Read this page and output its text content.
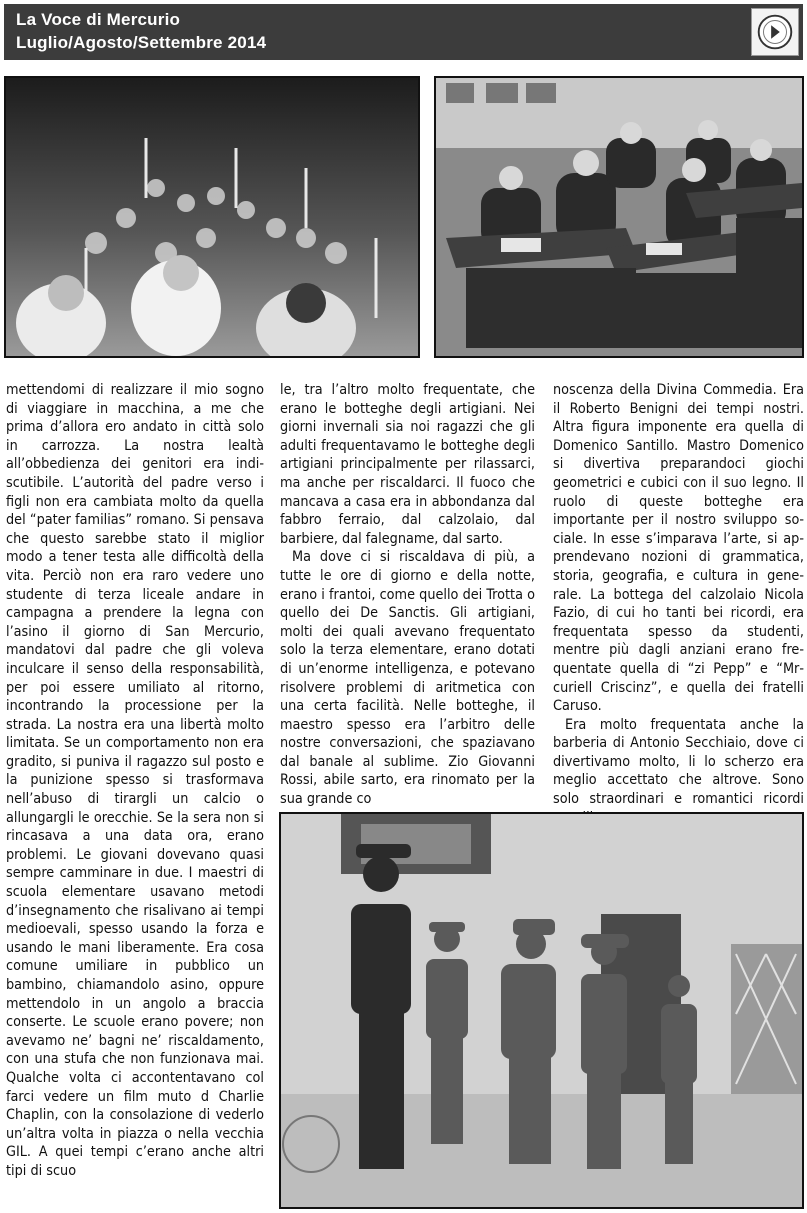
La Voce di Mercurio
Luglio/Agosto/Settembre 2014

mettendomi di realizzare il mio sogno di viaggiare in macchina, a me che prima d’allora ero andato in città solo in carrozza. La nostra lealtà all’obbedienza dei genitori era indiscutibile. L’autorità del padre verso i figli non era cambiata molto da quella del “pater familias” romano. Si pensava che questo sarebbe stato il miglior modo a tener testa alle difficoltà della vita. Perciò non era raro vedere uno studente di terza liceale andare in campagna a prendere la legna con l’asino il giorno di San Mercurio, mandatovi dal padre che gli voleva inculcare il senso della responsabilità, per poi essere umiliato al ritorno, incontrando la processione per la strada. La nostra era una libertà molto limitata. Se un comportamento non era gradito, si puniva il ragazzo sul posto e la punizione spesso si trasformava nell’abuso di tirargli un calcio o allungargli le orecchie. Se la sera non si rincasava a una data ora, erano problemi. Le giovani dovevano quasi sempre camminare in due. I maestri di scuola elementare usavano metodi d’insegnamento che risalivano ai tempi medioevali, spesso usando la forza e usando le mani liberamente. Era cosa comune umiliare in pubblico un bambino, chiamandolo asino, oppure mettendolo in un angolo a braccia conserte. Le scuole erano povere; non avevamo ne’ bagni ne’ riscaldamento, con una stufa che non funzionava mai. Qualche volta ci accontentavano col farci vedere un film muto d Charlie Chaplin, con la consolazione di vederlo un’altra volta in piazza o nella vecchia GIL. A quei tempi c’erano anche altri tipi di scuo

le, tra l’altro molto frequentate, che erano le botteghe degli artigiani. Nei giorni invernali sia noi ragazzi che gli adulti frequentavamo le botteghe degli artigiani principalmente per rilassarci, ma anche per riscaldarci. Il fuoco che mancava a casa era in abbondanza dal fabbro ferraio, dal calzolaio, dal barbiere, dal falegname, dal sarto.

Ma dove ci si riscaldava di più, a tutte le ore di giorno e della notte, erano i frantoi, come quello dei Trotta o quello dei De Sanctis. Gli artigiani, molti dei quali avevano frequentato solo la terza elementare, erano dotati di un’enorme intelligenza, e potevano risolvere problemi di aritmetica con una certa facilità. Nelle botteghe, il maestro spesso era l’arbitro delle nostre conversazioni, che spaziavano dal banale al sublime. Zio Giovanni Rossi, abile sarto, era rinomato per la sua grande co

noscenza della Divina Commedia. Era il Roberto Benigni dei tempi nostri. Altra figura imponente era quella di Domenico Santillo. Mastro Domenico si divertiva preparandoci giochi geometrici e cubici con il suo legno. Il ruolo di queste botteghe era importante per il nostro sviluppo sociale. In esse s’imparava l’arte, si apprendevano nozioni di grammatica, storia, geografia, e cultura in generale. La bottega del calzolaio Nicola Fazio, di cui ho tanti bei ricordi, era frequentata spesso da studenti, mentre più dagli anziani erano frequentate quella di “zi Pepp” e “Mrcuriell Criscinz”, e quella dei fratelli Caruso.

Era molto frequentata anche la barberia di Antonio Secchiaio, dove ci divertivamo molto, li lo scherzo era meglio accettato che altrove. Sono solo straordinari e romantici ricordi
